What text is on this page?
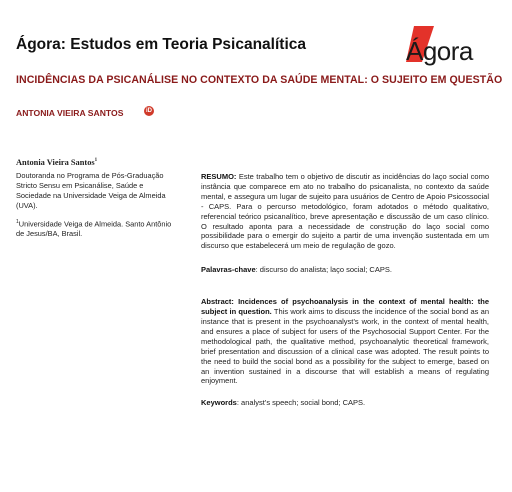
Ágora: Estudos em Teoria Psicanalítica	Ágora
INCIDÊNCIAS DA PSICANÁLISE NO CONTEXTO DA SAÚDE MENTAL: O SUJEITO EM QUESTÃO
ANTONIA VIEIRA SANTOS	iD
Antonia Vieira Santos$^1$
Doutoranda no Programa de Pós-Graduação Stricto Sensu em Psicanálise, Saúde e Sociedade na Universidade Veiga de Almeida (UVA).
$^1$Universidade Veiga de Almeida. Santo Antônio de Jesus/BA, Brasil.

RESUMO: Este trabalho tem o objetivo de discutir as incidências do laço social como instância que comparece em ato no trabalho do psicanalista, no contexto da saúde mental, e assegura um lugar de sujeito para usuários de Centro de Apoio Psicossocial - CAPS. Para o percurso metodológico, foram adotados o método qualitativo, referencial teórico psicanalítico, breve apresentação e discussão de um caso clínico. O resultado aponta para a necessidade de construção do laço social como possibilidade para o emergir do sujeito a partir de uma invenção sustentada em um discurso que estabelecerá um meio de regulação de gozo.

Palavras-chave: discurso do analista; laço social; CAPS.

Abstract: Incidences of psychoanalysis in the context of mental health: the subject in question. This work aims to discuss the incidence of the social bond as an instance that is present in the psychoanalyst’s work, in the context of mental health, and ensures a place of subject for users of the Psychosocial Support Center. For the methodological path, the qualitative method, psychoanalytic theoretical framework, brief presentation and discussion of a clinical case was adopted. The result points to the need to build the social bond as a possibility for the subject to emerge, based on an invention sustained in a discourse that will establish a means of regulating enjoyment.

Keywords: analyst’s speech; social bond; CAPS.
